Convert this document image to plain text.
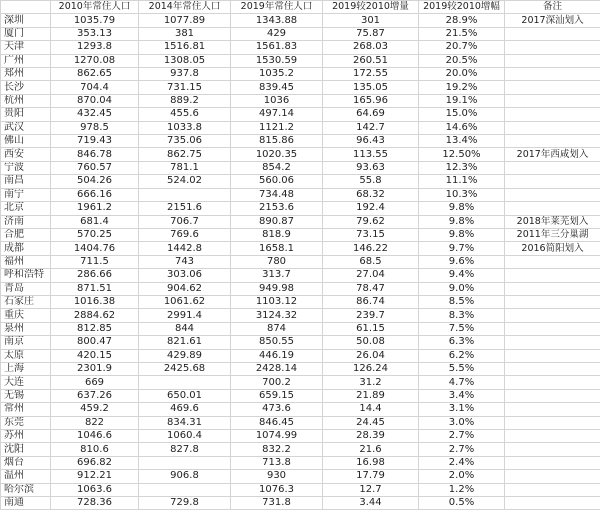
	2010年常住人口	2014年常住人口	2019年常住人口	2019较2010增量	2019较2010增幅	备注
深圳	1035.79	1077.89	1343.88	301	28.9%	2017深汕划入
厦门	353.13	381	429	75.87	21.5%	
天津	1293.8	1516.81	1561.83	268.03	20.7%	
广州	1270.08	1308.05	1530.59	260.51	20.5%	
郑州	862.65	937.8	1035.2	172.55	20.0%	
长沙	704.4	731.15	839.45	135.05	19.2%	
杭州	870.04	889.2	1036	165.96	19.1%	
贵阳	432.45	455.6	497.14	64.69	15.0%	
武汉	978.5	1033.8	1121.2	142.7	14.6%	
佛山	719.43	735.06	815.86	96.43	13.4%	
西安	846.78	862.75	1020.35	113.55	12.50%	2017年西咸划入
宁波	760.57	781.1	854.2	93.63	12.3%	
南昌	504.26	524.02	560.06	55.8	11.1%	
南宁	666.16		734.48	68.32	10.3%	
北京	1961.2	2151.6	2153.6	192.4	9.8%	
济南	681.4	706.7	890.87	79.62	9.8%	2018年莱芜划入
合肥	570.25	769.6	818.9	73.15	9.8%	2011年三分巢湖
成都	1404.76	1442.8	1658.1	146.22	9.7%	2016简阳划入
福州	711.5	743	780	68.5	9.6%	
呼和浩特	286.66	303.06	313.7	27.04	9.4%	
青岛	871.51	904.62	949.98	78.47	9.0%	
石家庄	1016.38	1061.62	1103.12	86.74	8.5%	
重庆	2884.62	2991.4	3124.32	239.7	8.3%	
泉州	812.85	844	874	61.15	7.5%	
南京	800.47	821.61	850.55	50.08	6.3%	
太原	420.15	429.89	446.19	26.04	6.2%	
上海	2301.9	2425.68	2428.14	126.24	5.5%	
大连	669		700.2	31.2	4.7%	
无锡	637.26	650.01	659.15	21.89	3.4%	
常州	459.2	469.6	473.6	14.4	3.1%	
东莞	822	834.31	846.45	24.45	3.0%	
苏州	1046.6	1060.4	1074.99	28.39	2.7%	
沈阳	810.6	827.8	832.2	21.6	2.7%	
烟台	696.82		713.8	16.98	2.4%	
温州	912.21	906.8	930	17.79	2.0%	
哈尔滨	1063.6		1076.3	12.7	1.2%	
南通	728.36	729.8	731.8	3.44	0.5%	
